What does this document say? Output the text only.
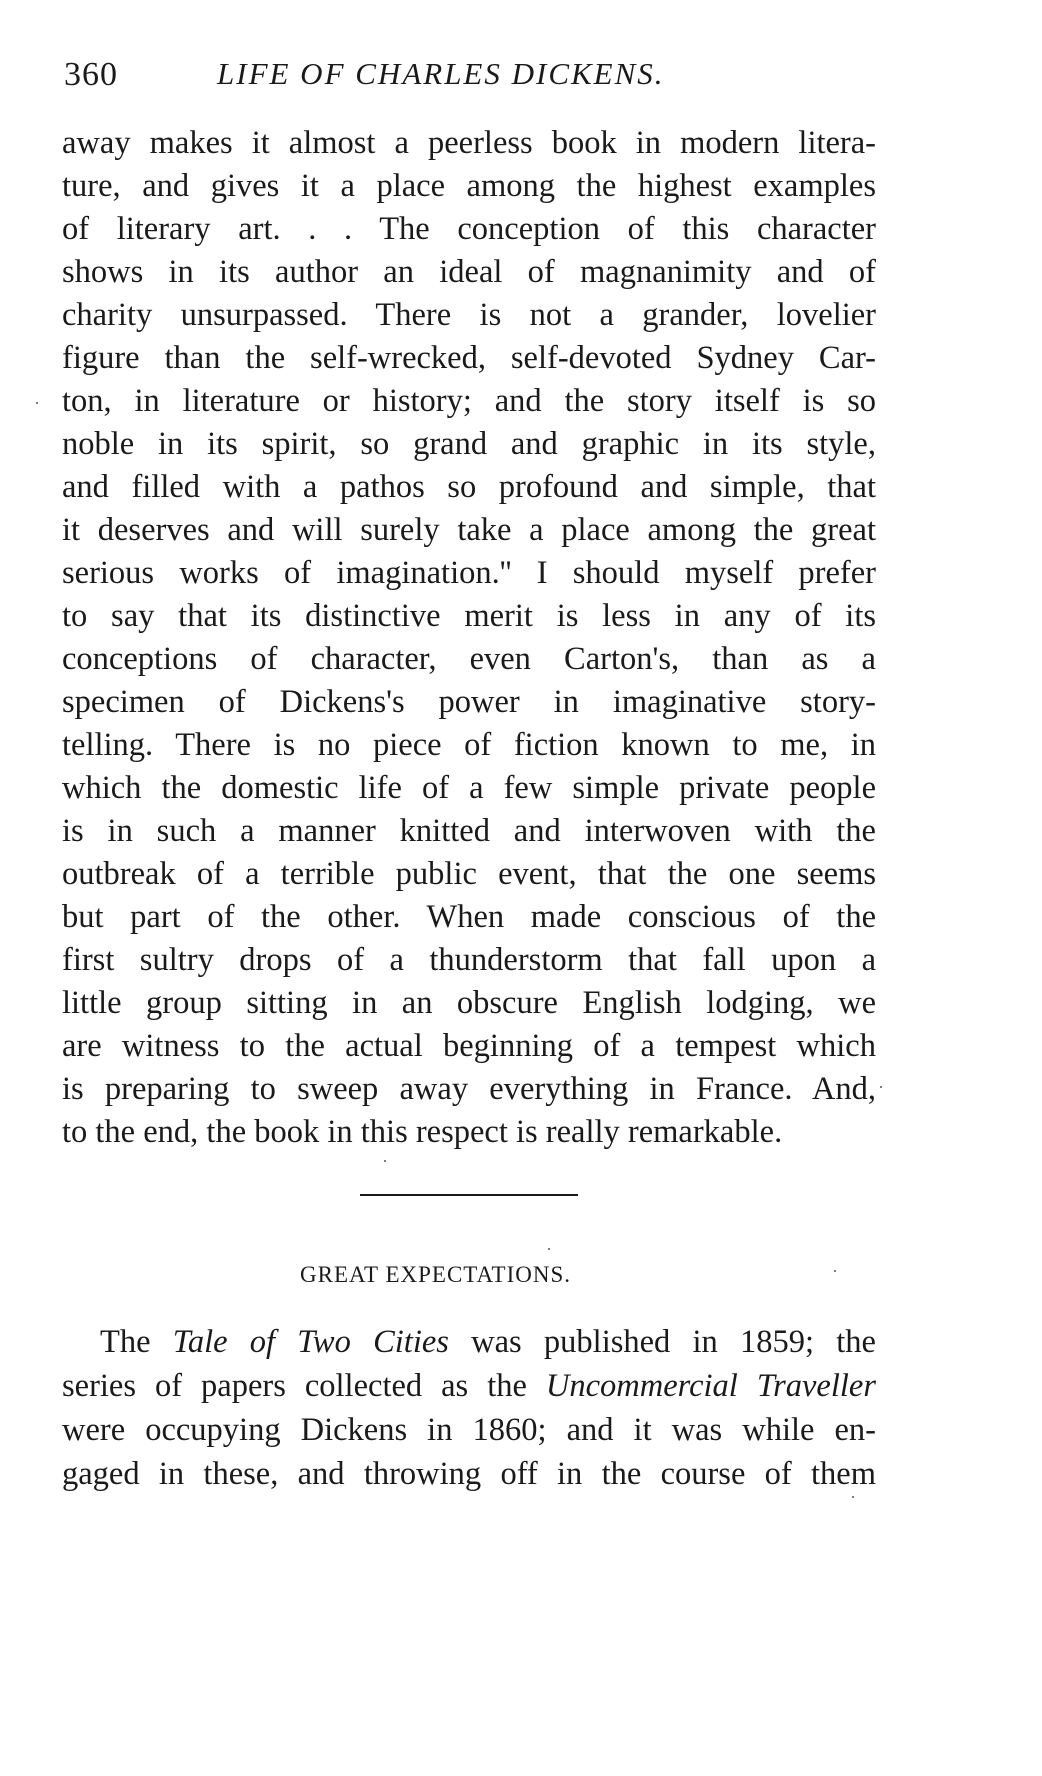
360	LIFE OF CHARLES DICKENS.
away makes it almost a peerless book in modern litera-
ture, and gives it a place among the highest examples
of literary art. . . The conception of this character
shows in its author an ideal of magnanimity and of
charity unsurpassed. There is not a grander, lovelier
figure than the self-wrecked, self-devoted Sydney Car-
ton, in literature or history; and the story itself is so
noble in its spirit, so grand and graphic in its style,
and filled with a pathos so profound and simple, that
it deserves and will surely take a place among the great
serious works of imagination.'' I should myself prefer
to say that its distinctive merit is less in any of its
conceptions of character, even Carton's, than as a
specimen of Dickens's power in imaginative story-
telling. There is no piece of fiction known to me, in
which the domestic life of a few simple private people
is in such a manner knitted and interwoven with the
outbreak of a terrible public event, that the one seems
but part of the other. When made conscious of the
first sultry drops of a thunderstorm that fall upon a
little group sitting in an obscure English lodging, we
are witness to the actual beginning of a tempest which
is preparing to sweep away everything in France. And,
to the end, the book in this respect is really remarkable.
GREAT EXPECTATIONS.
The Tale of Two Cities was published in 1859; the
series of papers collected as the Uncommercial Traveller
were occupying Dickens in 1860; and it was while en-
gaged in these, and throwing off in the course of them
